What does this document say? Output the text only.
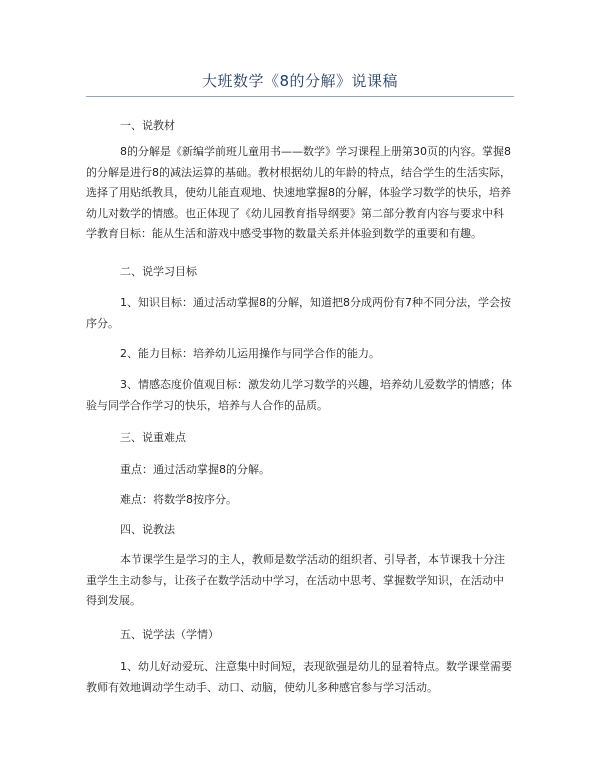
大班数学《8的分解》说课稿
一、说教材

8的分解是《新编学前班儿童用书——数学》学习课程上册第30页的内容。掌握8的分解是进行8的减法运算的基础。教材根据幼儿的年龄的特点，结合学生的生活实际，选择了用贴纸教具，使幼儿能直观地、快速地掌握8的分解，体验学习数学的快乐，培养幼儿对数学的情感。也正体现了《幼儿园教育指导纲要》第二部分教育内容与要求中科学教育目标：能从生活和游戏中感受事物的数量关系并体验到数学的重要和有趣。

二、说学习目标

1、知识目标：通过活动掌握8的分解，知道把8分成两份有7种不同分法，学会按序分。

2、能力目标：培养幼儿运用操作与同学合作的能力。

3、情感态度价值观目标：激发幼儿学习数学的兴趣，培养幼儿爱数学的情感；体验与同学合作学习的快乐，培养与人合作的品质。

三、说重难点

重点：通过活动掌握8的分解。

难点：将数学8按序分。

四、说教法

本节课学生是学习的主人，教师是数学活动的组织者、引导者，本节课我十分注重学生主动参与，让孩子在数学活动中学习，在活动中思考、掌握数学知识，在活动中得到发展。

五、说学法（学情）

1、幼儿好动爱玩、注意集中时间短，表现欲强是幼儿的显着特点。数学课堂需要教师有效地调动学生动手、动口、动脑，使幼儿多种感官参与学习活动。
